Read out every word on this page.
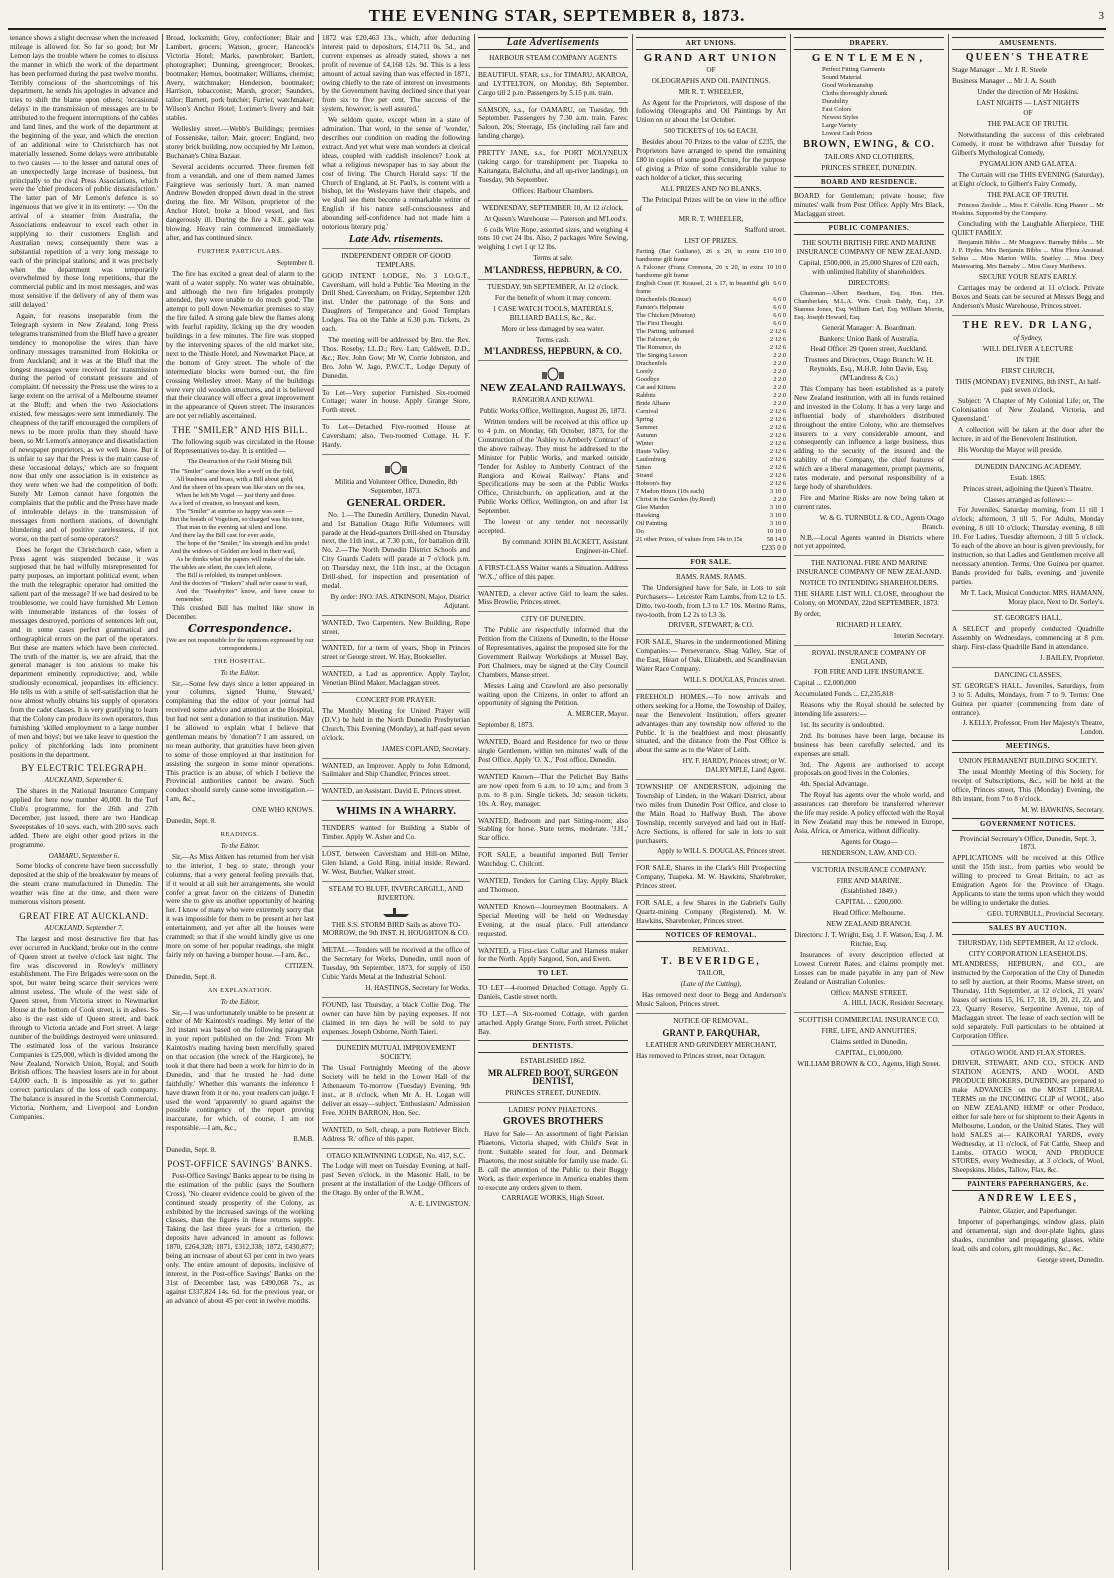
THE EVENING STAR, SEPTEMBER 8, 1873.	3

tenance shows a slight decrease when the increased mileage is allowed for. So far so good; but Mr Lemon lays the trouble where he comes to discuss the manner in which the work of the department has been performed during the past twelve months. Terribly conscious of the shortcomings of his department, he sends his apologies in advance and tries to shift the blame upon others; 'occasional delays' in the transmission of messages are to be attributed to the frequent interruptions of the cables and land lines, and the work of the department at the beginning of the year, and which the erection of an additional wire to Christchurch has not materially lessened. Some delays were attributable to two causes — to the lesser and natural ones of an unexpectedly large increase of business, but principally to the rival Press Associations, which were the 'chief producers of public dissatisfaction.' The latter part of Mr Lemon's defence is so ingenuous that we give it in its entirety: — 'On the arrival of a steamer from Australia, the Associations endeavour to excel each other in supplying to their customers English and Australian news; consequently there was a substantial repetition of a very long message to each of the principal stations; and it was precisely when the department was temporarily overwhelmed by those long repetitions, that the commercial public and its most messages, and was most sensitive if the delivery of any of them was still delayed.'

Again, for reasons inseparable from the Telegraph system in New Zealand, long Press telegrams transmitted from the Bluff have a greater tendency to monopolise the wires than have ordinary messages transmitted from Hokitika or from Auckland; and it was at the Bluff that the longest messages were received for transmission during the period of constant pressure and of complaint. Of necessity the Press use the wires to a large extent on the arrival of a Melbourne steamer at the Bluff; and when the two Associations existed, few messages were sent immediately. The cheapness of the tariff encouraged the compilers of news to be more prolix than they should have been, so Mr Lemon's annoyance and dissatisfaction of newspaper proprietors, as we well know. But it is unfair to say that the Press is the main cause of these 'occasional delays,' which are so frequent now that only one association is in existence as they were when we had the competition of both. Surely Mr Lemon cannot have forgotten the complaints that the public and the Press have made of intolerable delays in the transmission of messages from northern stations, of downright blundering and of positive carelessness, if not worse, on the part of some operators?

Does he forget the Christchurch case, when a Press agent was suspended because it was supposed that he had wilfully misrepresented for party purposes, an important political event, when the truth the telegraphic operator had omitted the salient part of the message? If we had desired to be troublesome, we could have furnished Mr Lemon with innumerable instances of the losses of messages destroyed, portions of sentences left out, and in some cases perfect grammatical and orthographical errors on the part of the operators. But these are matters which have been corrected. The truth of the matter is, we are afraid, that the general manager is too anxious to make his department eminently reproductive; and, while studiously economical, jeopardises its efficiency. He tells us with a smile of self-satisfaction that he now almost wholly obtains his supply of operators from the cadet classes. It is very gratifying to learn that the Colony can produce its own operators, thus furnishing 'skilled employment to a large number of men and boys'; but we take leave to question the policy of pitchforking lads into prominent positions in the department.

BY ELECTRIC TELEGRAPH.

AUCKLAND, September 6.

The shares in the National Insurance Company applied for here now number 40,000. In the Turf Club's programme, for the 26th and 27th December, just issued, there are two Handicap Sweepstakes of 10 sovs. each, with 200 sovs. each added. There are eight other good prizes in the programme.

OAMARU, September 6.

Some blocks of concrete have been successfully deposited at the ship of the breakwater by means of the steam crane manufactured in Dunedin. The weather was fine at the time, and there were numerous visitors present.

GREAT FIRE AT AUCKLAND.

AUCKLAND, September 7.

The largest and most destructive fire that has ever occurred in Auckland, broke out in the centre of Queen street at twelve o'clock last night. The fire was discovered in Rowley's millinery establishment. The Fire Brigades were soon on the spot, but water being scarce their services were almost useless. The whole of the west side of Queen street, from Victoria street to Newmarket House at the bottom of Cook street, is in ashes. So also is the east side of Queen street, and back through to Victoria arcade and Fort street. A large number of the buildings destroyed were uninsured. The estimated loss of the various Insurance Companies is £25,000, which is divided among the New Zealand, Norwich Union, Royal, and South British offices. The heaviest losers are in for about £4,000 each. It is impossible as yet to gather correct particulars of the loss of each company. The balance is insured in the Scottish Commercial, Victoria, Northern, and Liverpool and London Companies.

Broad, locksmith; Grey, confectioner; Blair and Lambert, grocers; Watson, grocer; Hancock's Victoria Hotel; Marks, pawnbroker; Bartlett, photographer; Dunning, greengrocer; Brookes, bootmaker; Hemus, bootmaker; Williams, chemist; Avery, watchmaker; Henderson, bootmaker; Harrison, tobacconist; Marsh, grocer; Saunders, tailor; Barnett, pork butcher; Furrier, watchmaker; Wilson's Anchor Hotel; Lorimer's livery and bait stables.

Wellesley street.—Webb's Buildings; premises of Fosseniske, tailor; Mair, grocer; England, two storey brick building, now occupied by Mr Lemon, Buchanan's China Bazaar.

Several accidents occurred. Three firemen fell from a verandah, and one of them named James Fairgrieve was seriously hurt. A man named Andrew Bowden dropped down dead in the street during the fire. Mr Wilson, proprietor of the Anchor Hotel, broke a blood vessel, and lies dangerously ill. During the fire a N.E. gale was blowing. Heavy rain commenced immediately after, and has continued since.

FURTHER PARTICULARS.

September 8.

The fire has excited a great deal of alarm to the want of a water supply. No water was obtainable, and although the two fire brigades promptly attended, they were unable to do much good. The attempt to pull down Newmarket premises to stay the fire failed. A strong gale blew the flames along with fearful rapidity, licking up the dry wooden buildings in a few minutes. The fire was stopped by the intervening spaces of the old market site, next to the Thistle Hotel, and Newmarket Place, at the bottom of Grey street. The whole of the intermediate blocks were burned out, the fire crossing Wellesley street. Many of the buildings were very old wooden structures, and it is believed that their clearance will effect a great improvement in the appearance of Queen street. The insurances are not yet reliably ascertained.

THE "SMILER" AND HIS BILL.

The following squib was circulated in the House of Representatives to-day. It is entitled —

The Destruction of the Gold Mining Bill.

The "Smiler" came down like a wolf on the fold,
All business and brass, with a Bill about gold,
And the sheen of his spears was like stars on the sea,
When he left Mr Vogel — just thirty and three.
As a lord of creation, so buoyant and keen,
The "Smiler" at sunrise so happy was seen —
But the breath of Vogelism, so charged was his tone,
That man in the evening sat silent and lone.
And there lay the Bill cast for ever aside,
The hope of the "Smiler," his strength and his pride!
And the widows of Golden are loud in their wail,
As he thinks what the papers will make of the tale.
The tables are silent, the cues left alone,
The Bill is refolded, its trumpet unblown.
And the doctors of "Tinkers" shall ne'er cease to wail,
And the "Nasobyites" know, and have cause to remember.

This crushed Bill has melted like snow in December.

Correspondence.

[We are not responsible for the opinions expressed by our correspondents.]

THE HOSPITAL.

To the Editor.

Sir,—Some few days since a letter appeared in your columns, signed 'Hume, Steward,' complaining that the editor of your journal had received some advice and attention at the Hospital, but had not sent a donation to that institution. May I be allowed to explain what I believe that gentleman means by 'donation'? I am assured, on no mean authority, that gratuities have been given to some of those employed at that institution for assisting the surgeon in some minor operations. This practice is an abuse, of which I believe the Provincial authorities cannot be aware. Such conduct should surely cause some investigation.—I am, &c.,

ONE WHO KNOWS.

Dunedin, Sept. 8.

READINGS.

To the Editor.

Sir,—As Miss Aitken has returned from her visit to the interior, I beg to state, through your columns, that a very general feeling prevails that, if it would at all suit her arrangements, she would confer a great favor on the citizens of Dunedin were she to give us another opportunity of hearing her. I know of many who were extremely sorry that it was impossible for them to be present at her last entertainment, and yet after all the houses were crammed; so that if she would kindly give us one more on some of her popular readings, she might fairly rely on having a bumper house.—I am, &c.,

CITIZEN.

Dunedin, Sept. 8.

AN EXPLANATION.

To the Editor.

Sir,—I was unfortunately unable to be present at either of Mr Kaintosh's readings. My letter of the 3rd instant was based on the following paragraph in your report published on the 2nd: 'From Mr Kaintosh's reading having been mercifully spared on that occasion (the wreck of the Hargicote), he took it that there had been a work for him to do in Dunedin, and that he trusted he had done faithfully.' Whether this warrants the inference I have drawn from it or no, your readers can judge. I used the word 'apparently' to guard against the possible contingency of the report proving inaccurate, for which, of course, I am not responsible.—I am, &c.,

R.M.B.

Dunedin, Sept. 8.

POST-OFFICE SAVINGS' BANKS.

Post-Office Savings' Banks appear to be rising in the estimation of the public (says the Southern Cross). 'No clearer evidence could be given of the continued steady prosperity of the Colony, as exhibited by the increased savings of the working classes, than the figures in these returns supply. Taking the last three years for a criterion, the deposits have advanced in amount as follows: 1870, £264,328; 1871, £312,338; 1872, £430,877; being an increase of about 63 per cent in two years only. The entire amount of deposits, inclusive of interest, in the Post-office Savings' Banks on the 31st of December last, was £490,068 7s., as against £337,824 14s. 6d. for the previous year, or an advance of about 45 per cent in twelve months.

1872 was £20,463 13s., which, after deducting interest paid to depositors, £14,711 0s. 5d., and current expenses as already stated, shows a net profit of revenue of £4,168 12s. 9d. This is a less amount of actual saving than was effected in 1871, owing chiefly to the rate of interest on investments by the Government having declined since that year from six to five per cent. The success of the system, however, is well assured.'

We seldom quote, except when in a state of admiration. That word, in the sense of 'wonder,' describes our condition on reading the following extract. And yet what were man wonders at clerical ideas, coupled with caddish insolence? Look at what a religious newspaper has to say about the cost of living. The Church Herald says: 'If the Church of England, at St. Paul's, is content with a bishop, let the Wesleyans have their chapels, and we shall see them become a remarkable writer of English if his nature self-consciousness and abounding self-confidence had not made him a notorious literary prig.'

Late Adv. rtisements.

INDEPENDENT ORDER OF GOOD TEMPLARS.

GOOD INTENT LODGE, No. 3 I.O.G.T., Caversham, will hold a Public Tea Meeting in the Drill Shed, Caversham, on Friday, September 12th inst. Under the patronage of the Sons and Daughters of Temperance and Good Templars Lodges. Tea on the Table at 6.30 p.m. Tickets, 2s each.

The meeting will be addressed by Bro. the Rev. Thos. Roseby, LL.D.; Rev. Lan; Caldwell, D.D., &c.; Rev. John Gow; Mr W, Corrie Johnston, and Bro. John W. Jago, P.W.C.T., Lodge Deputy of Dunedin.

To Let—Very superior Furnished Six-roomed Cottage; water in house. Apply Grange Store, Forth street.

To Let—Detached Five-roomed House at Caversham; also, Two-roomed Cottage. H. F. Hardy.

Militia and Volunteer Office, Dunedin, 8th September, 1873.

GENERAL ORDER.

No. 1.—The Dunedin Artillery, Dunedin Naval, and 1st Battalion Otago Rifle Volunteers will parade at the Head-quarters Drill-shed on Thursday next, the 11th inst., at 7.30 p.m., for battalion drill. No. 2.—The North Dunedin District Schools and City Guards Cadets will parade at 7 o'clock p.m. on Thursday next, the 11th inst., at the Octagon Drill-shed, for inspection and presentation of medal.

By order: JNO. JAS. ATKINSON, Major, District Adjutant.

WANTED, Two Carpenters. New Building, Rope street.

WANTED, for a term of years, Shop in Princes street or George street. W. Hay, Bookseller.

WANTED, a Lad as apprentice. Apply Taylor, Venetian Blind Maker, Maclaggan street.

CONCERT FOR PRAYER.

The Monthly Meeting for United Prayer will (D.V.) be held in the North Dunedin Presbyterian Church, This Evening (Monday), at half-past seven o'clock.

JAMES COPLAND, Secretary.

WANTED, an Improver. Apply to John Edmond, Sailmaker and Ship Chandler, Princes street.

WANTED, an Assistant. David E. Princes street.

WHIMS IN A WHARRY.

TENDERS wanted for Building a Stable of Timber. Apply W. Asher and Co.

LOST, between Caversham and Hill-on Milne, Glen Island, a Gold Ring, initial inside. Reward. W. West, Butcher, Walker street.

STEAM TO BLUFF, INVERCARGILL, AND RIVERTON.

THE S.S. STORM BIRD Sails as above TO-MORROW, the 9th INST. H. HOUGHTON & CO.

METAL.—Tenders will be received at the office of the Secretary for Works, Dunedin, until noon of Tuesday, 9th September, 1873, for supply of 150 Cubic Yards Metal at the Industrial School.

H. HASTINGS, Secretary for Works.

FOUND, last Thursday, a black Collie Dog. The owner can have him by paying expenses. If not claimed in ten days he will be sold to pay expenses. Joseph Osborne, North Taieri.

DUNEDIN MUTUAL IMPROVEMENT SOCIETY.

The Usual Fortnightly Meeting of the above Society will be held in the Lower Hall of the Athenaeum To-morrow (Tuesday) Evening, 9th inst., at 8 o'clock, when Mr A. H. Logan will deliver an essay—subject, 'Enthusiasm.' Admission Free. JOHN BARRON, Hon. Sec.

WANTED, to Sell, cheap, a pure Retriever Bitch. Address 'R.' office of this paper.

OTAGO KILWINNING LODGE, No. 417, S.C.

The Lodge will meet on Tuesday Evening, at half-past Seven o'clock, in the Masonic Hall, to be present at the installation of the Lodge Officers of the Otago. By order of the R.W.M.,

A. E. LIVINGSTON.

Late Advertisements

HARBOUR STEAM COMPANY AGENTS

BEAUTIFUL STAR, s.s., for TIMARU, AKAROA, and LYTTELTON, on Monday, 8th September. Cargo till 2 p.m. Passengers by 5.15 p.m. train.

SAMSON, s.s., for OAMARU, on Tuesday, 9th September. Passengers by 7.30 a.m. train. Fares: Saloon, 20s; Steerage, 15s (including rail fare and landing charge).

PRETTY JANE, s.s., for PORT MOLYNEUX (taking cargo for transhipment per Tuapeka to Kaitangata, Balclutha, and all up-river landings), on Tuesday, 9th September.

Offices: Harbour Chambers.

WEDNESDAY, SEPTEMBER 10, At 12 o'clock.

At Queen's Warehouse — Paterson and M'Leod's.

6 coils Wire Rope, assorted sizes, and weighing 4 tons 10 cwt 24 lbs. Also, 2 packages Wire Sewing, weighing 1 cwt 1 qr 12 lbs.

Terms at sale.

M'LANDRESS, HEPBURN, & CO.

TUESDAY, 9th SEPTEMBER, At 12 o'clock.

For the benefit of whom it may concern.

1 CASE WATCH TOOLS, MATERIALS, BILLIARD BALLS, &c., &c.

More or less damaged by sea water.

Terms cash.

M'LANDRESS, HEPBURN, & CO.
NEW ZEALAND RAILWAYS.

RANGIORA AND KOWAI.

Public Works Office, Wellington, August 26, 1873.

Written tenders will be received at this office up to 4 p.m. on Monday, 6th October, 1873, for the Construction of the 'Ashley to Amberly Contract' of the above railway. They must be addressed to the Minister for Public Works, and marked outside 'Tender for Ashley to Amberly Contract of the Rangiora and Kowai Railway.' Plans and Specifications may be seen at the Public Works Office, Christchurch, on application, and at the Public Works Office, Wellington, on and after 1st September.

The lowest or any tender not necessarily accepted.

By command: JOHN BLACKETT, Assistant Engineer-in-Chief.

A FIRST-CLASS Waiter wants a Situation. Address 'W.X.,' office of this paper.

WANTED, a clever active Girl to learn the sales. Miss Browlie, Princes street.

CITY OF DUNEDIN.

The Public are respectfully informed that the Petition from the Citizens of Dunedin, to the House of Representatives, against the proposed site for the Government Railway Workshops at Mussel Bay, Port Chalmers, may be signed at the City Council Chambers, Manse street.

Messrs Laing and Crawford are also personally waiting upon the Citizens, in order to afford an opportunity of signing the Petition.

A. MERCER, Mayor.

September 8, 1873.

WANTED, Board and Residence for two or three single Gentlemen, within ten minutes' walk of the Post Office. Apply 'O. X.,' Post office, Dunedin.

WANTED Known—That the Pelichet Bay Baths are now open from 6 a.m. to 10 a.m.; and from 3 p.m. to 8 p.m. Single tickets, 3d; season tickets, 10s. A. Rey, manager.

WANTED, Bedroom and part Sitting-room; also Stabling for horse. State terms, moderate. 'J.H.,' Star office.

FOR SALE, a beautiful imported Bull Terrier Watchdog. C. Chilcott.

WANTED, Tenders for Carting Clay. Apply Black and Thomson.

WANTED Known—Journeymen Bootmakers. A Special Meeting will be held on Wednesday Evening, at the usual place. Full attendance requested.

WANTED, a First-class Collar and Harness maker for the North. Apply Sargood, Son, and Ewen.

TO LET.

TO LET—4-roomed Detached Cottage. Apply G. Daniels, Castle street north.

TO LET—A Six-roomed Cottage, with garden attached. Apply Grange Store, Forth street, Pelichet Bay.

DENTISTS.

ESTABLISHED 1862.

MR ALFRED BOOT, SURGEON DENTIST,

PRINCES STREET, DUNEDIN.

LADIES' PONY PHAETONS.

GROVES BROTHERS

Have for Sale— An assortment of light Parisian Phaetons, Victoria shaped, with Child's Seat in front. Suitable seated for four, and Denmark Phaetons, the most suitable for family use made. G. B. call the attention of the Public to their Buggy Work, as their experience in America enables them to execute any orders given to them.

CARRIAGE WORKS, High Street.

ART UNIONS.
GRAND ART UNION

OF

OLEOGRAPHS AND OIL PAINTINGS.

MR R. T. WHEELER,

As Agent for the Proprietors, will dispose of the following Oleographs and Oil Paintings by Art Union on or about the 1st October.

500 TICKETS of 10s 6d EACH.

Besides about 70 Prizes to the value of £235, the Proprietors have arranged to spend the remaining £80 in copies of some good Picture, for the purpose of giving a Prize of some considerable value to each holder of a ticket, thus securing

ALL PRIZES AND NO BLANKS.

The Principal Prizes will be on view in the office of

MR R. T. WHEELER,

Stafford street.

LIST OF PRIZES.

Parting (Bar Guiliano), 26 x 20, in extra handsome gilt frame
£10 10 0
A Falconer (Franz Cremona, 26 x 20, in extra handsome gilt frame
10 10 0
English Coast (F. Krausel, 21 x 17, in beautiful gilt frame
6 6 0
Drachenfels (Krause)	6 6 0
Painter's Helpmate	6 6 0
The Chicken (Mouton)	6 6 0
The First Thought	6 6 0
The Parting, unframed	2 12 6
The Falconer, do	2 12 6
The Romance, do	2 12 6
The Singing Lesson	2 2 0
Drachenfels	2 2 0
Lorely	2 2 0
Goodbye	2 2 0
Cat and Kittens	2 2 0
Rabbits	2 2 0
Bride Albano	2 2 0
Carnival	2 12 6
Spring	2 12 6
Summer	2 12 6
Autumn	2 12 6
Winter	2 12 6
Haute Valley	2 12 6
Laufenburg	2 12 6
Sitten	2 12 6
Strand	2 12 6
Hobson's Bay	2 12 6
7 Madon Hours (10s each)	3 10 0
Christ in the Garden (by Reed)	2 2 0
Glee Maiden	3 10 0
Hawking	3 10 0
Oil Painting	3 10 0
Do	10 10 0
21 other Prizes, of values from 14s to 15s	58 14 0

£235 0 0

FOR SALE.

RAMS. RAMS. RAMS.

The Undersigned have for Sale, in Lots to suit Purchasers— Leicester Ram Lambs, from L2 to L5. Ditto, two-tooth, from L3 to L7 10s. Merino Rams, two-tooth, from L2 2s to L3 3s.

DRIVER, STEWART, & CO.

FOR SALE, Shares in the undermentioned Mining Companies:— Perseverance, Shag Valley, Star of the East, Heart of Oak, Elizabeth, and Scandinavian Water Race Company.

WILL S. DOUGLAS, Princes street.

FREEHOLD HOMES.—To now arrivals and others seeking for a Home, the Township of Dailey, near the Benevolent Institution, offers greater advantages than any township now offered to the Public. It is the healthiest and most pleasantly situated, and the distance from the Post Office is about the same as to the Water of Leith.

HY. F. HARDY, Princes street; or W. DALRYMPLE, Land Agent.

TOWNSHIP OF ANDERSTON, adjoining the Township of Linden, in the Wakari District, about two miles from Dunedin Post Office, and close to the Main Road to Halfway Bush. The above Township, recently surveyed and laid out in Half-Acre Sections, is offered for sale in lots to suit purchasers.

Apply to WILL S. DOUGLAS, Princes street.

FOR SALE, Shares in the Clark's Hill Prospecting Company, Tuapeka. M. W. Hawkins, Sharebroker, Princes street.

FOR SALE, a few Shares in the Gabriel's Gully Quartz-mining Company (Registered). M. W. Hawkins, Sharebroker, Princes street.

NOTICES OF REMOVAL.

REMOVAL.

T. BEVERIDGE,

TAILOR,

(Late of the Cutting),

Has removed next door to Begg and Anderson's Music Saloon, Princes street.

NOTICE OF REMOVAL.

GRANT P. FARQUHAR,

LEATHER AND GRINDERY MERCHANT,

Has removed to Princes street, near Octagon.

DRAPERY.
GENTLEMEN,
Perfect Fitting Garments
Sound Material
Good Workmanship
Cloths thoroughly shrunk
Durability
Fast Colors
Newest Styles
Large Variety
Lowest Cash Prices
BROWN, EWING, & CO.

TAILORS AND CLOTHIERS,

PRINCES STREET, DUNEDIN.

BOARD AND RESIDENCE.

BOARD for Gentleman; private house; five minutes' walk from Post Office. Apply Mrs Black, Maclaggan street.

PUBLIC COMPANIES.

THE SOUTH BRITISH FIRE AND MARINE INSURANCE COMPANY OF NEW ZEALAND.

Capital, £500,000, in 25,000 Shares of £20 each, with unlimited liability of shareholders.

DIRECTORS:

Chairman—Albert Beetham, Esq. Hon. Hen. Chamberlain, M.L.A. Wm. Crush Daldy, Esq., J.P. Stannus Jones, Esq. William Earl, Esq. William Morrin, Esq. Joseph Howard, Esq.

General Manager: A. Boardman.

Bankers: Union Bank of Australia.

Head Office: 29 Queen street, Auckland.

Trustees and Directors, Otago Branch: W. H. Reynolds, Esq., M.H.R. John Davie, Esq. (M'Landress & Co.)

This Company has been established as a purely New Zealand institution, with all its funds retained and invested in the Colony. It has a very large and influential body of shareholders distributed throughout the entire Colony, who are themselves insurers to a very considerable amount, and consequently can influence a large business, thus adding to the security of the insured and the stability of the Company, the chief features of which are a liberal management, prompt payments, rates moderate, and personal responsibility of a large body of shareholders.

Fire and Marine Risks are now being taken at current rates.

W. & G. TURNBULL & CO., Agents Otago Branch.

N.B.—Local Agents wanted in Districts where not yet appointed.

THE NATIONAL FIRE AND MARINE INSURANCE COMPANY OF NEW ZEALAND.

NOTICE TO INTENDING SHAREHOLDERS.

THE SHARE LIST WILL CLOSE, throughout the Colony, on MONDAY, 22nd SEPTEMBER, 1873.

By order,

RICHARD H LEARY,

Interim Secretary.

ROYAL INSURANCE COMPANY OF ENGLAND,

FOR FIRE AND LIFE INSURANCE.

Capital ... £2,000,000

Accumulated Funds ... £2,235,818

Reasons why the Royal should be selected by intending life assurers:—

1st. Its security is undoubted.

2nd. Its bonuses have been large, because its business has been carefully selected, and its expenses are small.

3rd. The Agents are authorised to accept proposals on good lives in the Colonies.

4th. Special Advantage.

The Royal has agents over the whole world, and assurances can therefore be transferred wherever the life may reside. A policy effected with the Royal in New Zealand may thus be renewed in Europe, Asia, Africa, or America, without difficulty.

Agents for Otago—

HENDERSON, LAW, AND CO.

VICTORIA INSURANCE COMPANY.

FIRE AND MARINE.

(Established 1849.)

CAPITAL ... £200,000.

Head Office: Melbourne.

NEW ZEALAND BRANCH.

Directors: J. T. Wright, Esq. J. F. Watson, Esq. J. M. Ritchie, Esq.

Insurances of every description effected at Lowest Current Rates, and claims promptly met. Losses can be made payable in any part of New Zealand or Australian Colonies.

Office: MANSE STREET.

A. HILL JACK, Resident Secretary.

SCOTTISH COMMERCIAL INSURANCE CO.

FIRE, LIFE, AND ANNUITIES.

Claims settled in Dunedin.

CAPITAL, £1,000,000.

WILLIAM BROWN & CO., Agents, High Street.

AMUSEMENTS.
QUEEN'S THEATRE

Stage Manager ... Mr J. R. Steele

Business Manager ... Mr J. A. South

Under the direction of Mr Hoskins.

LAST NIGHTS — LAST NIGHTS

OF

THE PALACE OF TRUTH.

Notwithstanding the success of this celebrated Comedy, it must be withdrawn after Tuesday for Gilbert's Mythological Comedy,

PYGMALION AND GALATEA.

The Curtain will rise THIS EVENING (Saturday), at Eight o'clock, to Gilbert's Fairy Comedy,

THE PALACE OF TRUTH.

Princess Zeolide ... Miss F. Colville. King Phanor ... Mr Hoskins. Supported by the Company.

Concluding with the Laughable Afterpiece, THE QUIET FAMILY.

Benjamin Bibbs ... Mr Musgrave. Barnaby Bibbs ... Mr J. P. Hydes. Mrs Benjamin Bibbs ... Miss Flora Anstead. Selina ... Miss Marion Willis. Snarley ... Miss Decy Mainwaring. Mrs Barnaby ... Miss Casey Matthews.

SECURE YOUR SEATS EARLY.

Carriages may be ordered at 11 o'clock. Private Boxes and Seats can be secured at Messrs Begg and Anderson's Music Warehouse, Princes street.

THE REV. DR LANG,

of Sydney,

WILL DELIVER A LECTURE

IN THE

FIRST CHURCH,

THIS (MONDAY) EVENING, 8th INST., At half-past seven o'clock,

Subject: 'A Chapter of My Colonial Life; or, The Colonisation of New Zealand, Victoria, and Queensland.'

A collection will be taken at the door after the lecture, in aid of the Benevolent Institution.

His Worship the Mayor will preside.

DUNEDIN DANCING ACADEMY.

Estab. 1865.

Princes street, adjoining the Queen's Theatre.

Classes arranged as follows:—

For Juveniles, Saturday morning, from 11 till 1 o'clock; afternoon, 3 till 5. For Adults, Monday evening, 8 till 10 o'clock; Thursday evening, 8 till 10. For Ladies, Tuesday afternoon, 3 till 5 o'clock. To each of the above an hour is given previously, for instruction, so that Ladies and Gentlemen receive all necessary attention. Terms, One Guinea per quarter. Bands provided for balls, evening, and juvenile parties.

Mr T. Lack, Musical Conductor. MRS. HAMANN, Moray place, Next to Dr. Sorley's.

ST. GEORGE'S HALL.

A SELECT and properly conducted Quadrille Assembly on Wednesdays, commencing at 8 p.m. sharp. First-class Quadrille Band in attendance.

J. BAILEY, Proprietor.

DANCING CLASSES.

ST. GEORGE'S HALL. Juveniles, Saturdays, from 3 to 5. Adults, Mondays, from 7 to 9. Terms: One Guinea per quarter (commencing from date of entrance).

J. KELLY, Professor, From Her Majesty's Theatre, London.

MEETINGS.

UNION PERMANENT BUILDING SOCIETY.

The usual Monthly Meeting of this Society, for receipt of Subscriptions, &c., will be held at the office, Princes street, This (Monday) Evening, the 8th instant, from 7 to 8 o'clock.

M. W. HAWKINS, Secretary.

GOVERNMENT NOTICES.

Provincial Secretary's Office, Dunedin, Sept. 3, 1873.

APPLICATIONS will be received at this Office until the 15th inst., from parties who would be willing to proceed to Great Britain, to act as Emigration Agent for the Province of Otago. Applicants to state the terms upon which they would be willing to undertake the duties.

GEO. TURNBULL, Provincial Secretary.

SALES BY AUCTION.

THURSDAY, 11th SEPTEMBER, At 12 o'clock.

CITY CORPORATION LEASEHOLDS.

M'LANDRESS, HEPBURN, and CO., are instructed by the Corporation of the City of Dunedin to sell by auction, at their Rooms, Manse street, on Thursday, 11th September, at 12 o'clock, 21 years' leases of sections 15, 16, 17, 18, 19, 20, 21, 22, and 23, Quarry Reserve, Serpentine Avenue, top of Maclaggan street. The lease of each section will be sold separately. Full particulars to be obtained at Corporation Office.

OTAGO WOOL AND FLAX STORES.

DRIVER, STEWART, AND CO., STOCK AND STATION AGENTS, AND WOOL AND PRODUCE BROKERS, DUNEDIN, are prepared to make ADVANCES on the MOST LIBERAL TERMS on the INCOMING CLIP of WOOL, also on NEW ZEALAND HEMP or other Produce, either for sale here or for shipment to their Agents in Melbourne, London, or the United States. They will hold SALES at— KAIKORAI YARDS, every Wednesday, at 11 o'clock, of Fat Cattle, Sheep and Lambs. OTAGO WOOL AND PRODUCE STORES, every Wednesday, at 3 o'clock, of Wool, Sheepskins, Hides, Tallow, Flax, &c.

PAINTERS PAPERHANGERS, &c.
ANDREW LEES,

Painter, Glazier, and Paperhanger.

Importer of paperhangings, window glass, plain and ornamental, sign and door-plate lights, glass shades, cucumber and propagating glasses, white lead, oils and colors, gilt mouldings, &c., &c.

George street, Dunedin.
